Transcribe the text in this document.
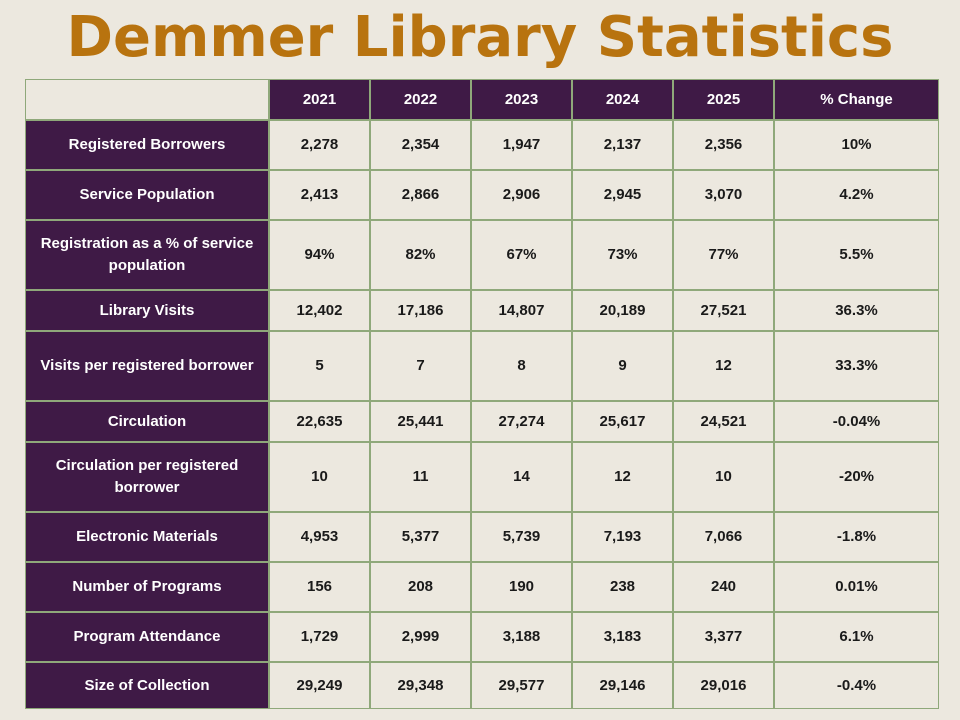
Demmer Library Statistics
	2021	2022	2023	2024	2025	% Change
Registered Borrowers	2,278	2,354	1,947	2,137	2,356	10%
Service Population	2,413	2,866	2,906	2,945	3,070	4.2%
Registration as a % of service population	94%	82%	67%	73%	77%	5.5%
Library Visits	12,402	17,186	14,807	20,189	27,521	36.3%
Visits per registered borrower	5	7	8	9	12	33.3%
Circulation	22,635	25,441	27,274	25,617	24,521	-0.04%
Circulation per registered borrower	10	11	14	12	10	-20%
Electronic Materials	4,953	5,377	5,739	7,193	7,066	-1.8%
Number of Programs	156	208	190	238	240	0.01%
Program Attendance	1,729	2,999	3,188	3,183	3,377	6.1%
Size of Collection	29,249	29,348	29,577	29,146	29,016	-0.4%
